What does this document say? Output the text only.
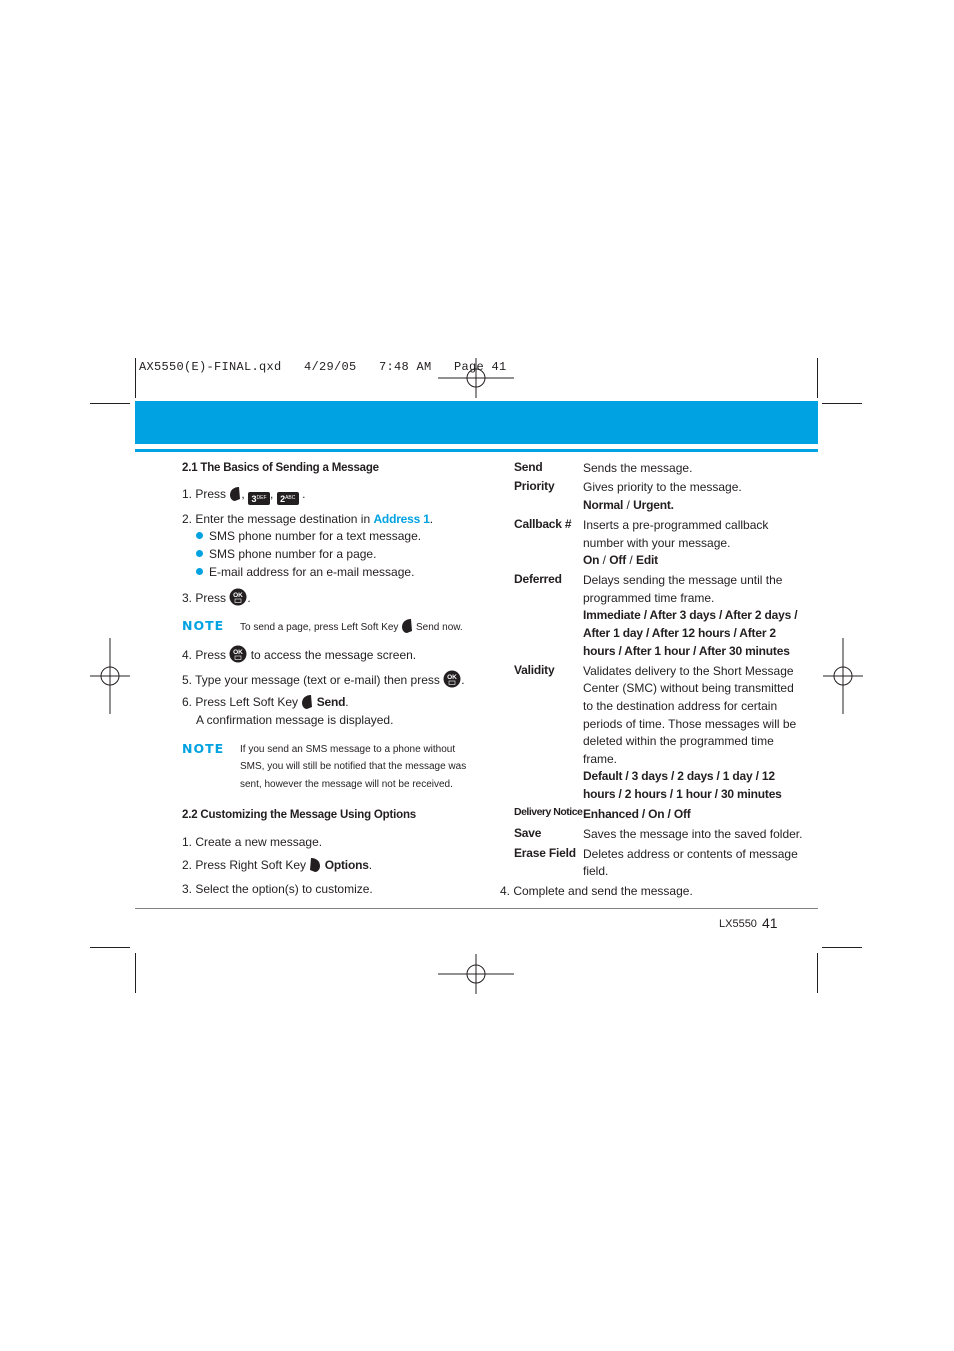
AX5550(E)-FINAL.qxd   4/29/05   7:48 AM   Page 41
2.1 The Basics of Sending a Message
1. Press , $3^{DEF}$ , $2^{ABC}$ .
2. Enter the message destination in Address 1.
SMS phone number for a text message.
SMS phone number for a page.
E-mail address for an e-mail message.
3. Press OK .
NOTE To send a page, press Left Soft Key Send now.
4. Press OK to access the message screen.
5. Type your message (text or e-mail) then press OK .
6. Press Left Soft Key Send.
A confirmation message is displayed.
NOTE If you send an SMS message to a phone without
SMS, you will still be notified that the message was
sent, however the message will not be received.
2.2 Customizing the Message Using Options
1. Create a new message.
2. Press Right Soft Key Options.
3. Select the option(s) to customize.
Send	Sends the message.
Priority Gives priority to the message.
Normal / Urgent.
Callback # Inserts a pre-programmed callback
number with your message.
On / Off / Edit
Deferred Delays sending the message until the
programmed time frame.
Immediate / After 3 days / After 2 days /
After 1 day / After 12 hours / After 2
hours / After 1 hour / After 30 minutes
Validity Validates delivery to the Short Message
Center (SMC) without being transmitted
to the destination address for certain
periods of time. Those messages will be
deleted within the programmed time
frame.
Default / 3 days / 2 days / 1 day / 12
hours / 2 hours / 1 hour / 30 minutes
Delivery Notice Enhanced / On / Off
Save	Saves the message into the saved folder.
Erase Field Deletes address or contents of message
field.
4. Complete and send the message.
LX5550 41
